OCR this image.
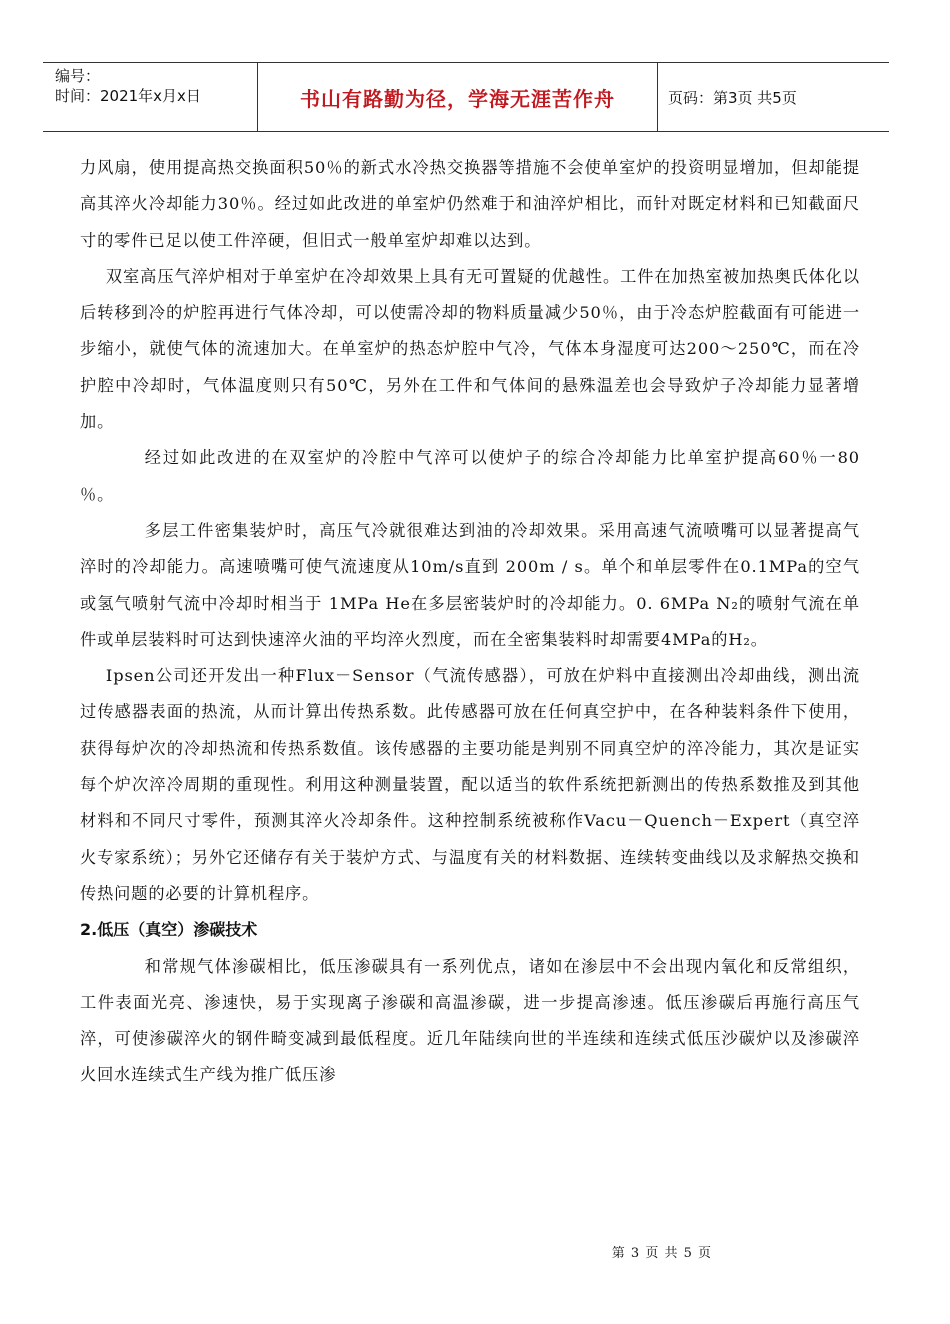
编号：
时间：2021年x月x日	书山有路勤为径，学海无涯苦作舟	页码：第3页 共5页

力风扇，使用提高热交换面积50％的新式水冷热交换器等措施不会使单室炉的投资明显增加，但却能提高其淬火冷却能力30％。经过如此改进的单室炉仍然难于和油淬炉相比，而针对既定材料和已知截面尺寸的零件已足以使工件淬硬，但旧式一般单室炉却难以达到。

双室高压气淬炉相对于单室炉在冷却效果上具有无可置疑的优越性。工件在加热室被加热奥氏体化以后转移到冷的炉腔再进行气体冷却，可以使需冷却的物料质量减少50％，由于冷态炉腔截面有可能进一步缩小，就使气体的流速加大。在单室炉的热态炉腔中气冷，气体本身湿度可达200～250℃，而在冷护腔中冷却时，气体温度则只有50℃，另外在工件和气体间的悬殊温差也会导致炉子冷却能力显著增加。

经过如此改进的在双室炉的冷腔中气淬可以使炉子的综合冷却能力比单室护提高60％一80 ％。

多层工件密集装炉时，高压气冷就很难达到油的冷却效果。采用高速气流喷嘴可以显著提高气淬时的冷却能力。高速喷嘴可使气流速度从10m/s直到 200m / s。单个和单层零件在0.1MPa的空气或氢气喷射气流中冷却时相当于 1MPa He在多层密装炉时的冷却能力。0. 6MPa N₂的喷射气流在单件或单层装料时可达到快速淬火油的平均淬火烈度，而在全密集装料时却需要4MPa的H₂。

Ipsen公司还开发出一种Flux－Sensor（气流传感器），可放在炉料中直接测出冷却曲线，测出流过传感器表面的热流，从而计算出传热系数。此传感器可放在任何真空护中，在各种装料条件下使用，获得每炉次的冷却热流和传热系数值。该传感器的主要功能是判别不同真空炉的淬冷能力，其次是证实每个炉次淬冷周期的重现性。利用这种测量装置，配以适当的软件系统把新测出的传热系数推及到其他材料和不同尺寸零件，预测其淬火冷却条件。这种控制系统被称作Vacu－Quench－Expert（真空淬火专家系统）；另外它还储存有关于装炉方式、与温度有关的材料数据、连续转变曲线以及求解热交换和传热问题的必要的计算机程序。

2.低压（真空）渗碳技术

和常规气体渗碳相比，低压渗碳具有一系列优点，诸如在渗层中不会出现内氧化和反常组织，工件表面光亮、渗速快，易于实现离子渗碳和高温渗碳，进一步提高渗速。低压渗碳后再施行高压气淬，可使渗碳淬火的钢件畸变减到最低程度。近几年陆续向世的半连续和连续式低压沙碳炉以及渗碳淬火回水连续式生产线为推广低压渗

第 3 页 共 5 页
